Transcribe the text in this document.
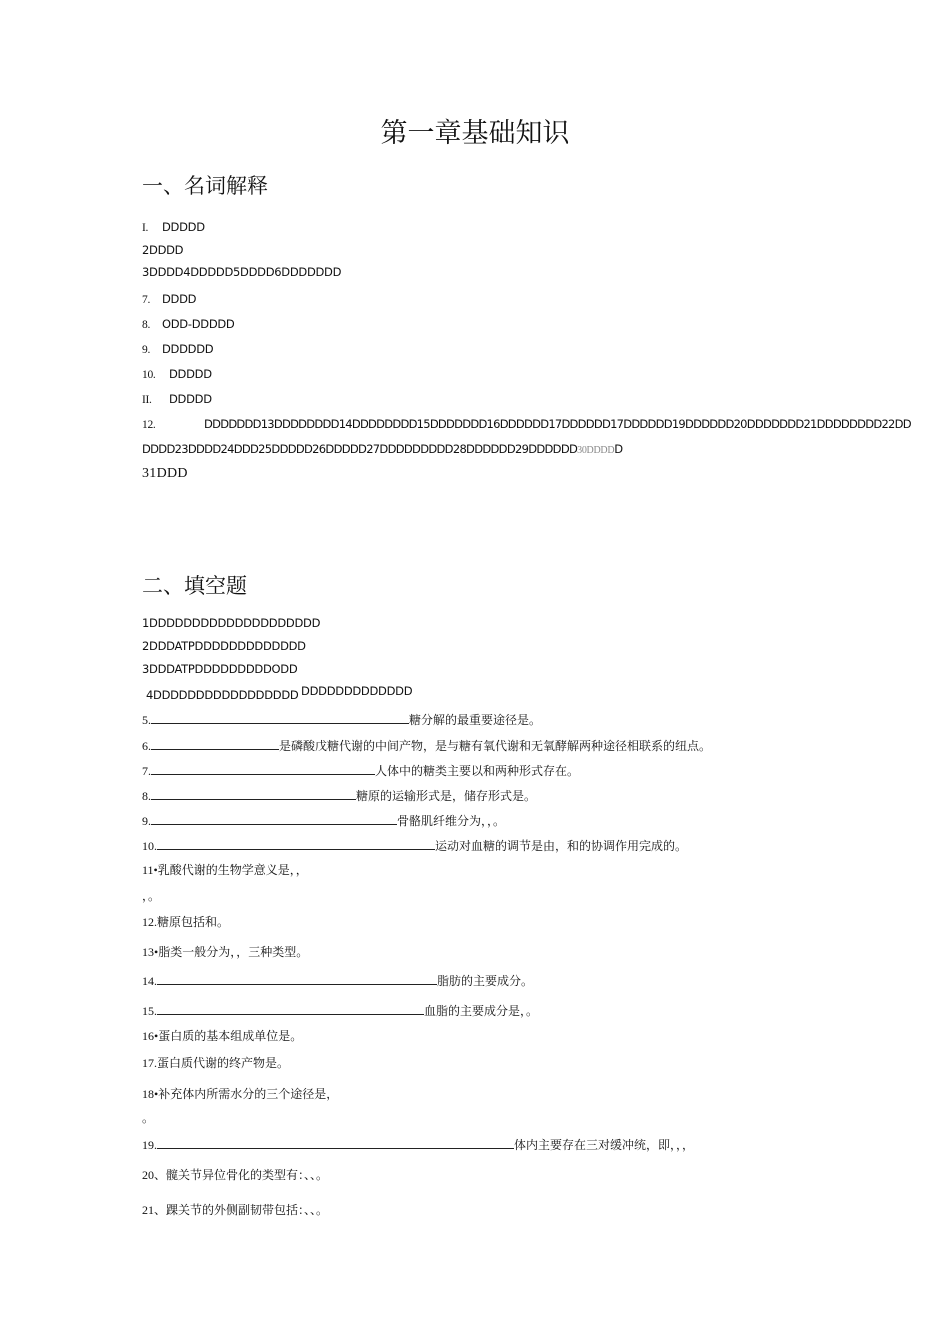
第一章基础知识
一、名词解释
I. DDDDD
2DDDD
3DDDD4DDDDD5DDDD6DDDDDDD
7. DDDD
8. ODD-DDDDD
9. DDDDDD
10. DDDDD
II. DDDDD
12.	DDDDDDD13DDDDDDDD14DDDDDDDD15DDDDDDD16DDDDDD17DDDDDD17DDDDDD19DDDDDD20DDDDDDD21DDDDDDDD22DD
DDDD23DDDD24DDD25DDDDD26DDDDD27DDDDDDDDD28DDDDDD29DDDDDD30DDDDD
31DDD
二、填空题
1DDDDDDDDDDDDDDDDDDDD
2DDDATPDDDDDDDDDDDDD
3DDDATPDDDDDDDDDODD
4DDDDDDDDDDDDDDDDD DDDDDDDDDDDDD
5.	糖分解的最重要途径是。
6.	是磷酸戊糖代谢的中间产物，是与糖有氧代谢和无氧酵解两种途径相联系的纽点。
7.	人体中的糖类主要以和两种形式存在。
8.	糖原的运输形式是，储存形式是。
9.	骨骼肌纤维分为，，。
10.	运动对血糖的调节是由，和的协调作用完成的。
11•乳酸代谢的生物学意义是，，
，。
12.糖原包括和。
13•脂类一般分为，，三种类型。
14.	脂肪的主要成分。
15.	血脂的主要成分是，。
16•蛋白质的基本组成单位是。
17.蛋白质代谢的终产物是。
18•补充体内所需水分的三个途径是，
。
19.	体内主要存在三对缓冲统，即，，，
20、髋关节异位骨化的类型有：、、。
21、踝关节的外侧副韧带包括：、、。
